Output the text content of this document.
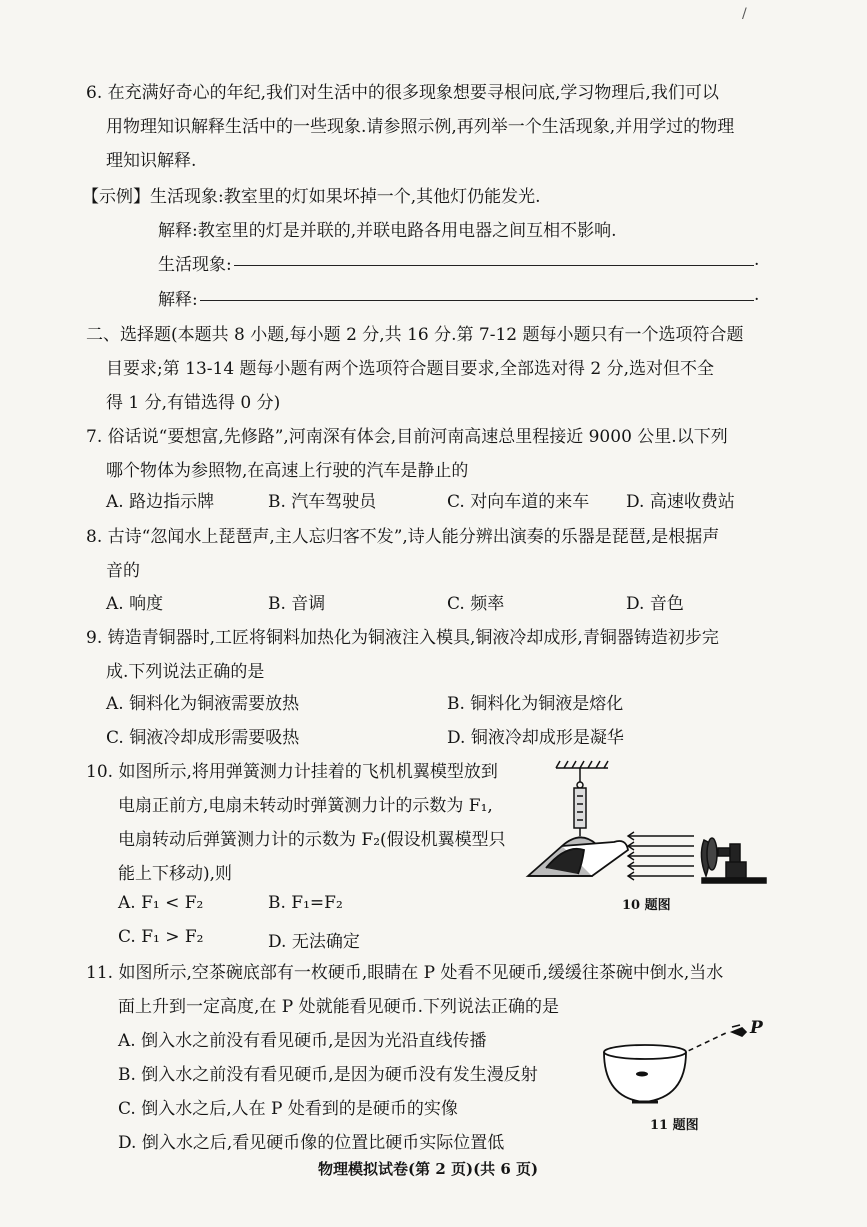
/
6. 在充满好奇心的年纪,我们对生活中的很多现象想要寻根问底,学习物理后,我们可以
用物理知识解释生活中的一些现象.请参照示例,再列举一个生活现象,并用学过的物理
理知识解释.
【示例】生活现象:教室里的灯如果坏掉一个,其他灯仍能发光.
解释:教室里的灯是并联的,并联电路各用电器之间互相不影响.
生活现象:	.
解释:	.
二、选择题(本题共 8 小题,每小题 2 分,共 16 分.第 7-12 题每小题只有一个选项符合题
目要求;第 13-14 题每小题有两个选项符合题目要求,全部选对得 2 分,选对但不全
得 1 分,有错选得 0 分)
7. 俗话说“要想富,先修路”,河南深有体会,目前河南高速总里程接近 9000 公里.以下列
哪个物体为参照物,在高速上行驶的汽车是静止的
A. 路边指示牌	B. 汽车驾驶员	C. 对向车道的来车 D. 高速收费站
8. 古诗“忽闻水上琵琶声,主人忘归客不发”,诗人能分辨出演奏的乐器是琵琶,是根据声
音的
A. 响度	B. 音调	C. 频率	D. 音色
9. 铸造青铜器时,工匠将铜料加热化为铜液注入模具,铜液冷却成形,青铜器铸造初步完
成.下列说法正确的是
A. 铜料化为铜液需要放热	B. 铜料化为铜液是熔化
C. 铜液冷却成形需要吸热	D. 铜液冷却成形是凝华
10. 如图所示,将用弹簧测力计挂着的飞机机翼模型放到
电扇正前方,电扇未转动时弹簧测力计的示数为 F₁,
电扇转动后弹簧测力计的示数为 F₂(假设机翼模型只
能上下移动),则
A. F₁ < F₂	B. F₁=F₂
C. F₁ > F₂	D. 无法确定
10 题图
11. 如图所示,空茶碗底部有一枚硬币,眼睛在 P 处看不见硬币,缓缓往茶碗中倒水,当水
面上升到一定高度,在 P 处就能看见硬币.下列说法正确的是
A. 倒入水之前没有看见硬币,是因为光沿直线传播
B. 倒入水之前没有看见硬币,是因为硬币没有发生漫反射
C. 倒入水之后,人在 P 处看到的是硬币的实像
D. 倒入水之后,看见硬币像的位置比硬币实际位置低
P
11 题图
物理模拟试卷(第 2 页)(共 6 页)
